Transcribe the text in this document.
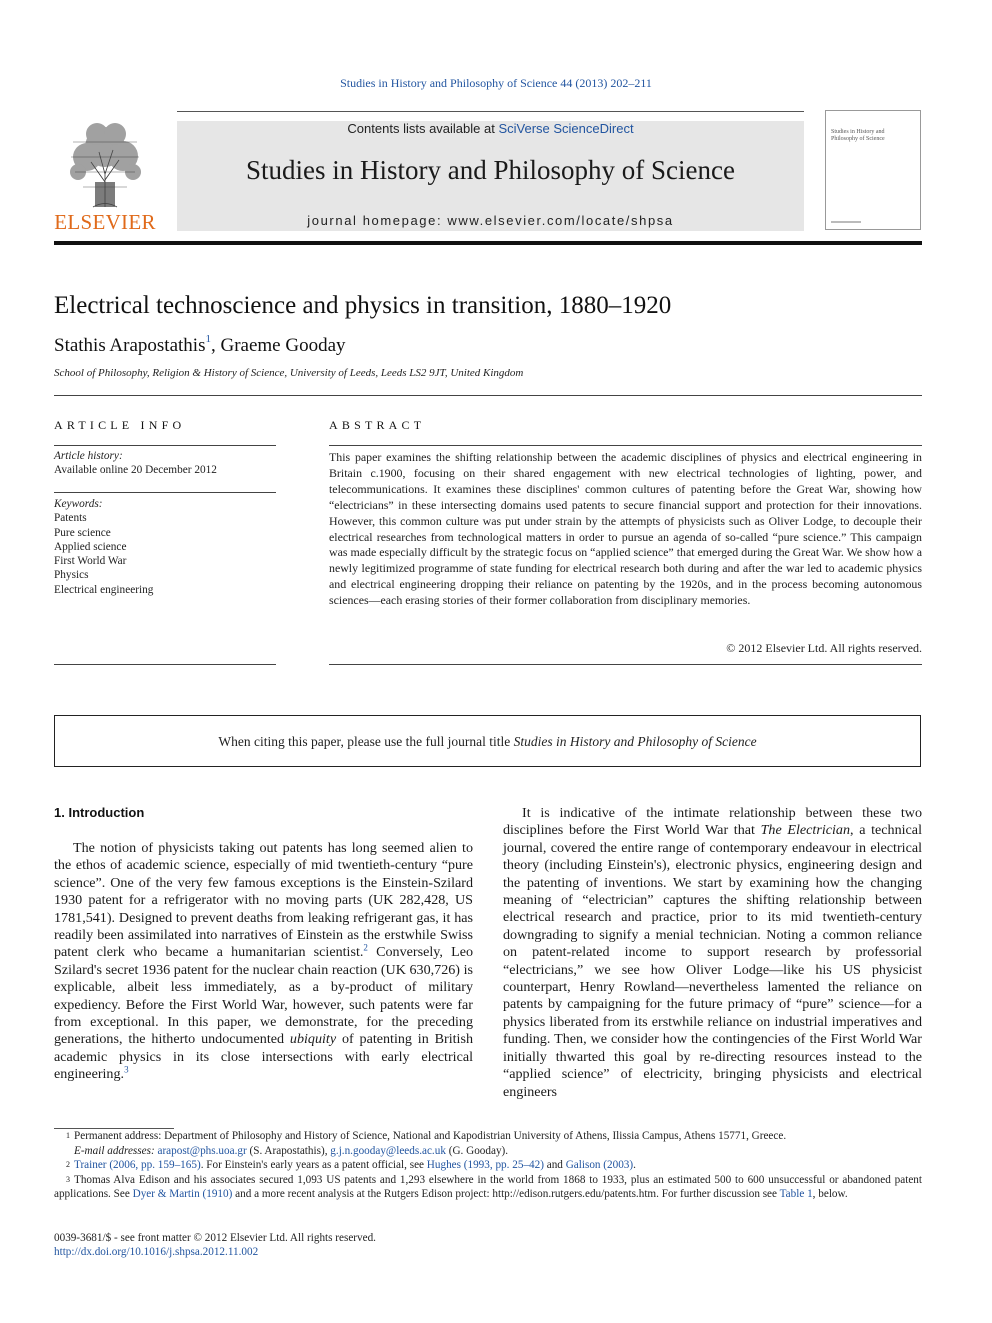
Studies in History and Philosophy of Science 44 (2013) 202–211
ELSEVIER
Contents lists available at SciVerse ScienceDirect
Studies in History and Philosophy of Science
journal homepage: www.elsevier.com/locate/shpsa
Studies in History and Philosophy of Science
Electrical technoscience and physics in transition, 1880–1920
Stathis Arapostathis$^1$, Graeme Gooday
School of Philosophy, Religion & History of Science, University of Leeds, Leeds LS2 9JT, United Kingdom
ARTICLE INFO
Article history:
Available online 20 December 2012
Keywords:
Patents
Pure science
Applied science
First World War
Physics
Electrical engineering
ABSTRACT
This paper examines the shifting relationship between the academic disciplines of physics and electrical engineering in Britain c.1900, focusing on their shared engagement with new electrical technologies of lighting, power, and telecommunications. It examines these disciplines' common cultures of patenting before the Great War, showing how “electricians” in these intersecting domains used patents to secure financial support and protection for their innovations. However, this common culture was put under strain by the attempts of physicists such as Oliver Lodge, to decouple their electrical researches from technological matters in order to pursue an agenda of so-called “pure science.” This campaign was made especially difficult by the strategic focus on “applied science” that emerged during the Great War. We show how a newly legitimized programme of state funding for electrical research both during and after the war led to academic physics and electrical engineering dropping their reliance on patenting by the 1920s, and in the process becoming autonomous sciences—each erasing stories of their former collaboration from disciplinary memories.
© 2012 Elsevier Ltd. All rights reserved.
When citing this paper, please use the full journal title Studies in History and Philosophy of Science
1. Introduction

The notion of physicists taking out patents has long seemed alien to the ethos of academic science, especially of mid twentieth-century “pure science”. One of the very few famous exceptions is the Einstein-Szilard 1930 patent for a refrigerator with no moving parts (UK 282,428, US 1781,541). Designed to prevent deaths from leaking refrigerant gas, it has readily been assimilated into narratives of Einstein as the erstwhile Swiss patent clerk who became a humanitarian scientist.$^2$ Conversely, Leo Szilard's secret 1936 patent for the nuclear chain reaction (UK 630,726) is explicable, albeit less immediately, as a by-product of military expediency. Before the First World War, however, such patents were far from exceptional. In this paper, we demonstrate, for the preceding generations, the hitherto undocumented ubiquity of patenting in British academic physics in its close intersections with early electrical engineering.$^3$

It is indicative of the intimate relationship between these two disciplines before the First World War that The Electrician, a technical journal, covered the entire range of contemporary endeavour in electrical theory (including Einstein's), electronic physics, engineering design and the patenting of inventions. We start by examining how the changing meaning of “electrician” captures the shifting relationship between electrical research and practice, prior to its mid twentieth-century downgrading to signify a menial technician. Noting a common reliance on patent-related income to support research by professorial “electricians,” we see how Oliver Lodge—like his US physicist counterpart, Henry Rowland—nevertheless lamented the reliance on patents by campaigning for the future primacy of “pure” science—for a physics liberated from its erstwhile reliance on industrial imperatives and funding. Then, we consider how the contingencies of the First World War initially thwarted this goal by re-directing resources instead to the “applied science” of electricity, bringing physicists and electrical engineers

1 Permanent address: Department of Philosophy and History of Science, National and Kapodistrian University of Athens, Ilissia Campus, Athens 15771, Greece.

E-mail addresses: arapost@phs.uoa.gr (S. Arapostathis), g.j.n.gooday@leeds.ac.uk (G. Gooday).

2 Trainer (2006, pp. 159–165). For Einstein's early years as a patent official, see Hughes (1993, pp. 25–42) and Galison (2003).

3 Thomas Alva Edison and his associates secured 1,093 US patents and 1,293 elsewhere in the world from 1868 to 1933, plus an estimated 500 to 600 unsuccessful or abandoned patent applications. See Dyer & Martin (1910) and a more recent analysis at the Rutgers Edison project: http://edison.rutgers.edu/patents.htm. For further discussion see Table 1, below.

0039-3681/$ - see front matter © 2012 Elsevier Ltd. All rights reserved.
http://dx.doi.org/10.1016/j.shpsa.2012.11.002
